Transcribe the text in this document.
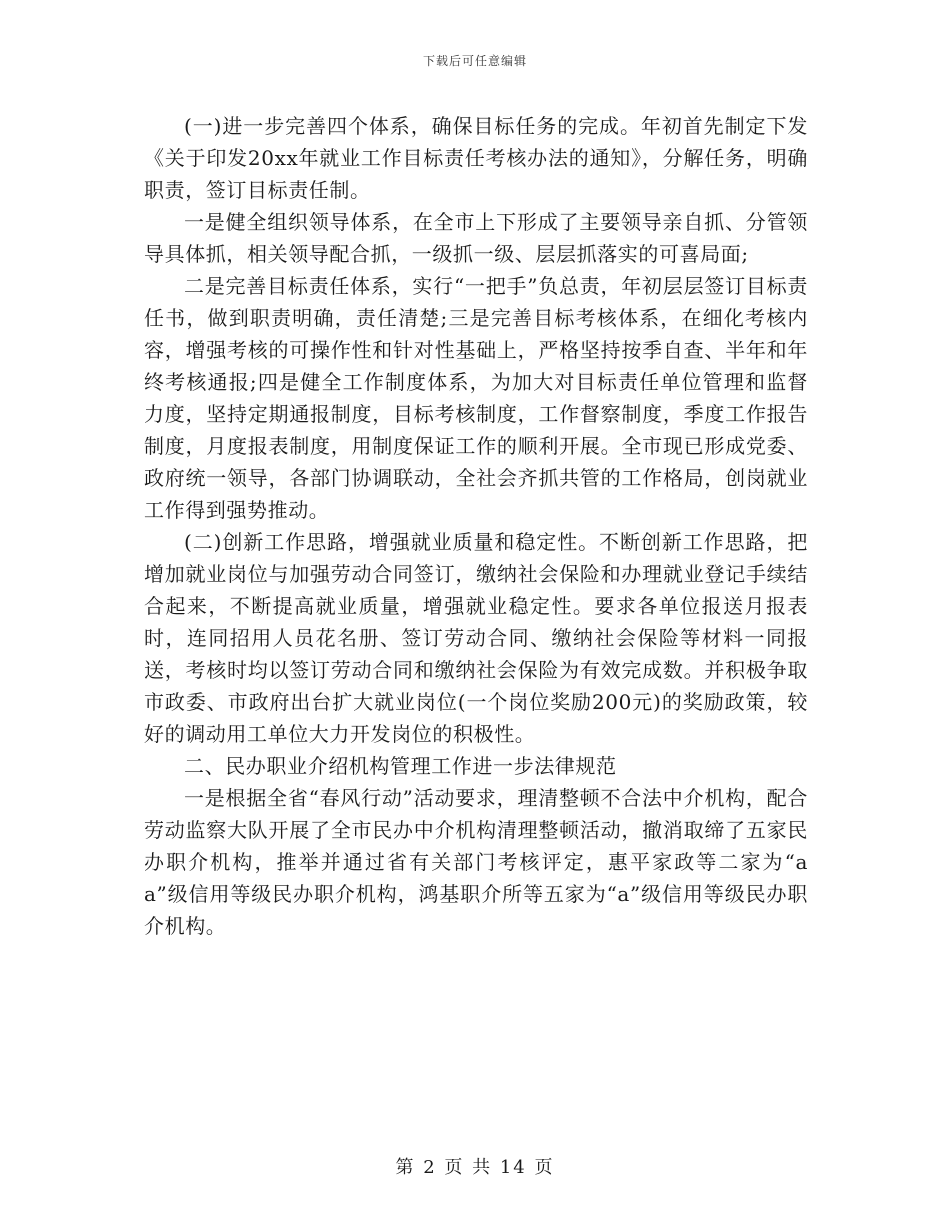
下载后可任意编辑

(一)进一步完善四个体系，确保目标任务的完成。年初首先制定下发《关于印发20xx年就业工作目标责任考核办法的通知》，分解任务，明确职责，签订目标责任制。

一是健全组织领导体系，在全市上下形成了主要领导亲自抓、分管领导具体抓，相关领导配合抓，一级抓一级、层层抓落实的可喜局面;

二是完善目标责任体系，实行“一把手”负总责，年初层层签订目标责任书，做到职责明确，责任清楚;三是完善目标考核体系，在细化考核内容，增强考核的可操作性和针对性基础上，严格坚持按季自查、半年和年终考核通报;四是健全工作制度体系，为加大对目标责任单位管理和监督力度，坚持定期通报制度，目标考核制度，工作督察制度，季度工作报告制度，月度报表制度，用制度保证工作的顺利开展。全市现已形成党委、政府统一领导，各部门协调联动，全社会齐抓共管的工作格局，创岗就业工作得到强势推动。

(二)创新工作思路，增强就业质量和稳定性。不断创新工作思路，把增加就业岗位与加强劳动合同签订，缴纳社会保险和办理就业登记手续结合起来，不断提高就业质量，增强就业稳定性。要求各单位报送月报表时，连同招用人员花名册、签订劳动合同、缴纳社会保险等材料一同报送，考核时均以签订劳动合同和缴纳社会保险为有效完成数。并积极争取市政委、市政府出台扩大就业岗位(一个岗位奖励200元)的奖励政策，较好的调动用工单位大力开发岗位的积极性。

二、民办职业介绍机构管理工作进一步法律规范

一是根据全省“春风行动”活动要求，理清整顿不合法中介机构，配合劳动监察大队开展了全市民办中介机构清理整顿活动，撤消取缔了五家民办职介机构，推举并通过省有关部门考核评定，惠平家政等二家为“aa”级信用等级民办职介机构，鸿基职介所等五家为“a”级信用等级民办职介机构。

第 2 页 共 14 页
